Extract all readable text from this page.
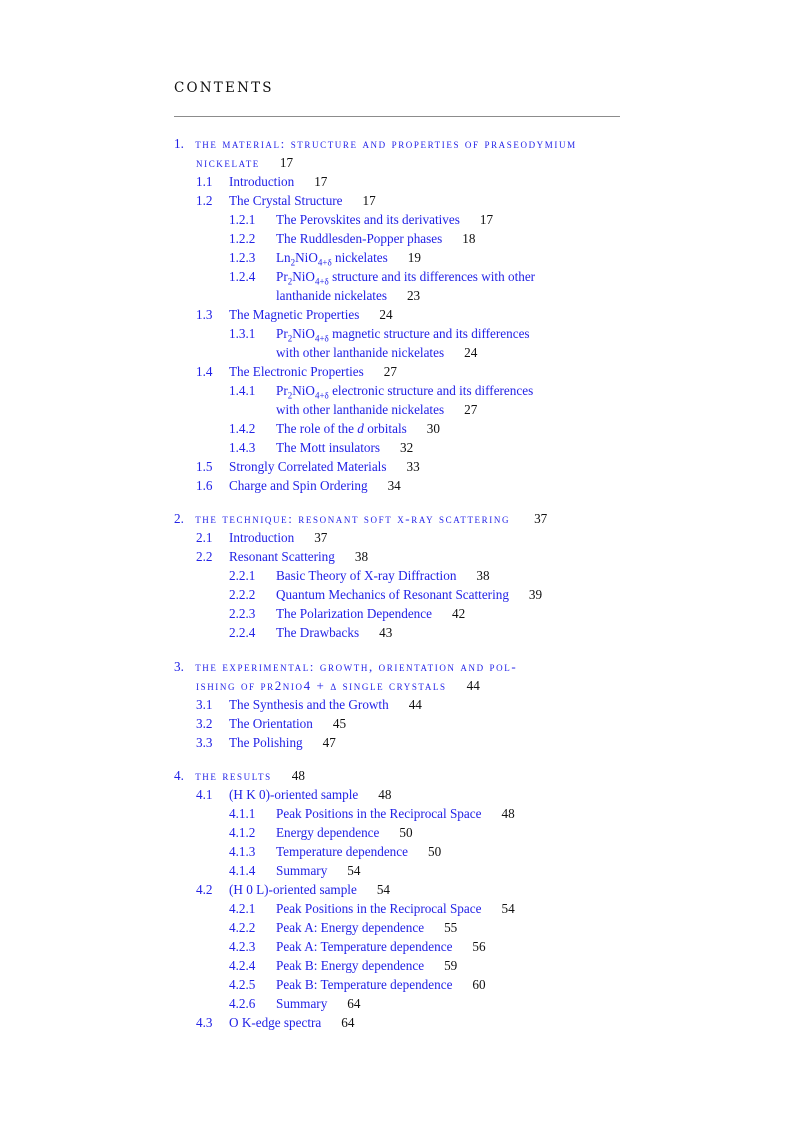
CONTENTS
1. the material: structure and properties of praseodymium
nickelate 17
1.1 Introduction 17
1.2 The Crystal Structure 17
1.2.1 The Perovskites and its derivatives 17
1.2.2 The Ruddlesden-Popper phases 18
1.2.3 $Ln_2NiO_{4+\delta}$ nickelates 19
1.2.4 $Pr_2NiO_{4+\delta}$ structure and its differences with other
lanthanide nickelates 23
1.3 The Magnetic Properties 24
1.3.1 $Pr_2NiO_{4+\delta}$ magnetic structure and its differences
with other lanthanide nickelates 24
1.4 The Electronic Properties 27
1.4.1 $Pr_2NiO_{4+\delta}$ electronic structure and its differences
with other lanthanide nickelates 27
1.4.2 The role of the d orbitals 30
1.4.3 The Mott insulators 32
1.5 Strongly Correlated Materials 33
1.6 Charge and Spin Ordering 34
2. the technique: resonant soft x-ray scattering 37
2.1 Introduction 37
2.2 Resonant Scattering 38
2.2.1 Basic Theory of X-ray Diffraction 38
2.2.2 Quantum Mechanics of Resonant Scattering 39
2.2.3 The Polarization Dependence 42
2.2.4 The Drawbacks 43
3. the experimental: growth, orientation and pol-
ishing of pr2nio4 + δ single crystals 44
3.1 The Synthesis and the Growth 44
3.2 The Orientation 45
3.3 The Polishing 47
4. the results 48
4.1 (H K 0)-oriented sample 48
4.1.1 Peak Positions in the Reciprocal Space 48
4.1.2 Energy dependence 50
4.1.3 Temperature dependence 50
4.1.4 Summary 54
4.2 (H 0 L)-oriented sample 54
4.2.1 Peak Positions in the Reciprocal Space 54
4.2.2 Peak A: Energy dependence 55
4.2.3 Peak A: Temperature dependence 56
4.2.4 Peak B: Energy dependence 59
4.2.5 Peak B: Temperature dependence 60
4.2.6 Summary 64
4.3 O K-edge spectra 64
